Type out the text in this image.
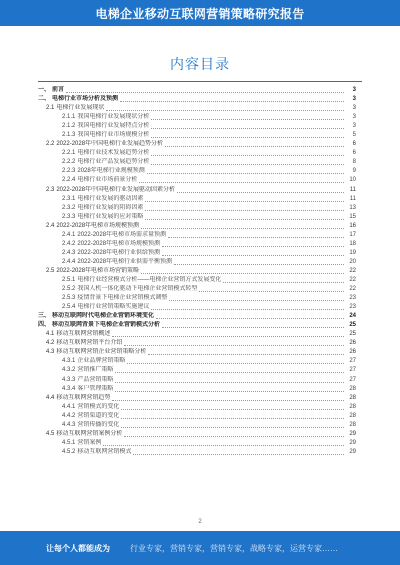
电梯企业移动互联网营销策略研究报告
内容目录
一、 前言	3
二、 电梯行业市场分析及预测	3
2.1 电梯行业发展现状	3
2.1.1 我国电梯行业发展现状分析	3
2.1.2 我国电梯行业发展特点分析	3
2.1.3 我国电梯行业市场规模分析	5
2.2 2022-2028年中国电梯行业发展趋势分析	6
2.2.1 电梯行业技术发展趋势分析	6
2.2.2 电梯行业产品发展趋势分析	8
2.2.3 2028年电梯行业规模预测	9
2.2.4 电梯行业市场前景分析	10
2.3 2022-2028年中国电梯行业发展驱动因素分析	11
2.3.1 电梯行业发展的驱动因素	11
2.3.2 电梯行业发展的阻碍因素	13
2.3.3 电梯行业发展的应对策略	15
2.4 2022-2028年电梯市场规模预测	16
2.4.1 2022-2028年电梯市场需求量预测	17
2.4.2 2022-2028年电梯市场规模预测	18
2.4.3 2022-2028年电梯行业供给预测	19
2.4.4 2022-2028年电梯行业供需平衡预测	20
2.5 2022-2028年电梯市场营销策略	22
2.5.1 电梯行业经营模式分析——电梯企业营销方式发展变化	22
2.5.2 我国人机一体化驱动下电梯企业营销模式转型	22
2.5.3 疫情背景下电梯企业营销模式调整	23
2.5.4 电梯行业营销策略实施建议	23
三、 移动互联网时代电梯企业营销环境变化	24
四、 移动互联网背景下电梯企业营销模式分析	25
4.1 移动互联网营销概述	25
4.2 移动互联网营销平台介绍	26
4.3 移动互联网营销企业营销策略分析	26
4.3.1 企业品牌营销策略	27
4.3.2 营销推广策略	27
4.3.3 产品营销策略	27
4.3.4 客户管理策略	28
4.4 移动互联网营销趋势	28
4.4.1 营销模式的变化	28
4.4.2 营销渠道的变化	28
4.4.3 营销传播的变化	28
4.5 移动互联网营销案例分析	29
4.5.1 营销案例	29
4.5.2 移动互联网营销模式	29
2
让每个人都能成为	行业专家，营销专家，营销专家，战略专家，运营专家……
